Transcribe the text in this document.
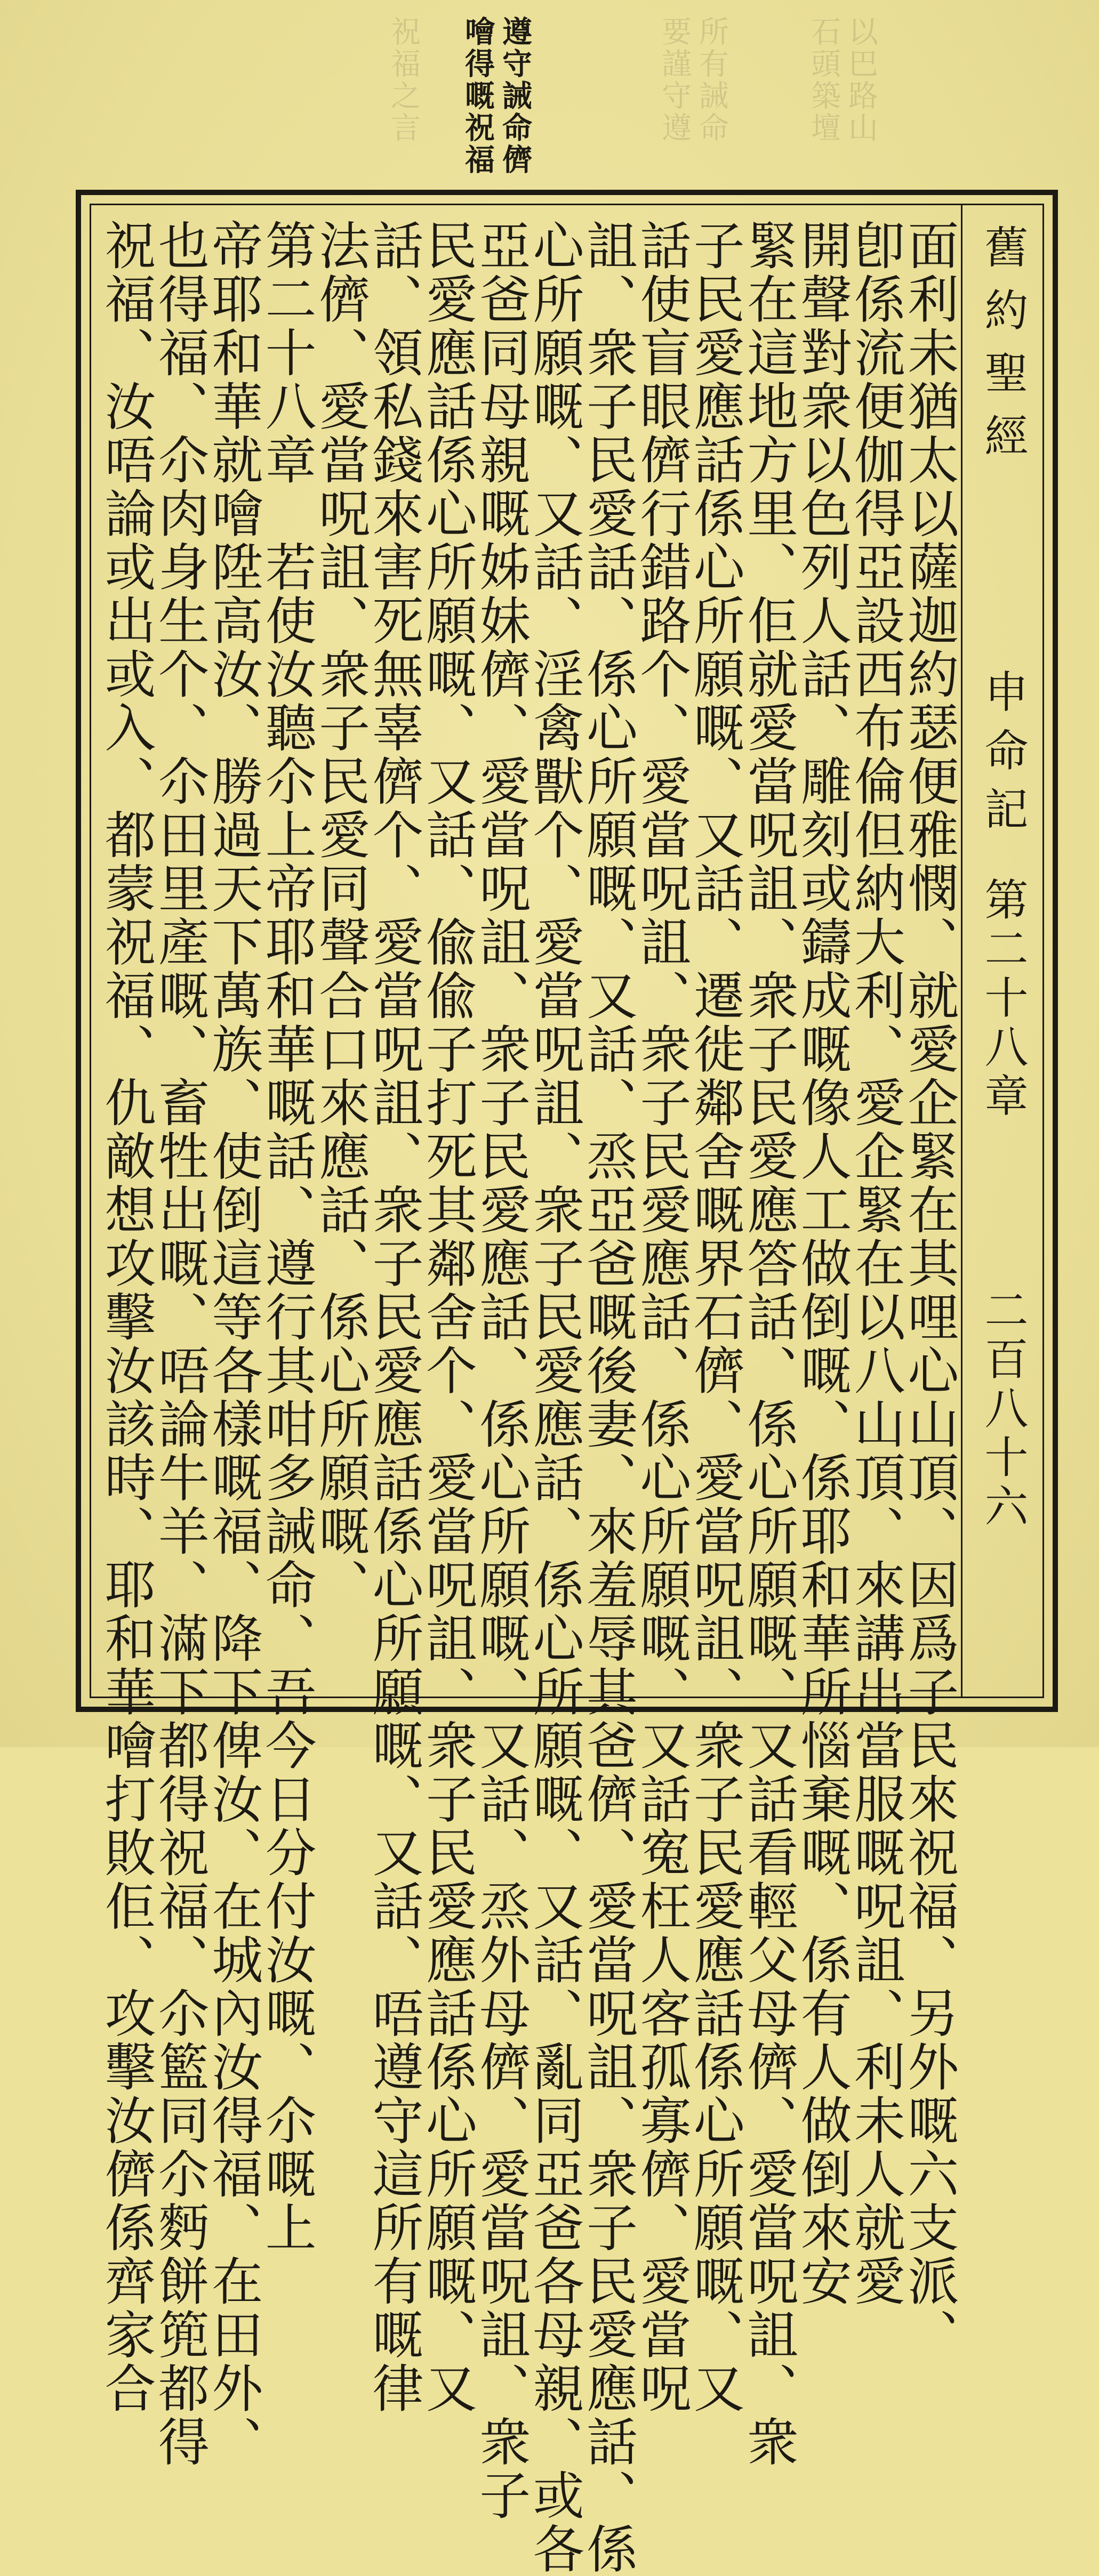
所有誡命
要謹守遵	以巴路山
石頭築壇
祝福之言	遵守誡命儕
噲得嘅祝福
舊約聖經
申命記
第二十八章
二百八十六
面利未猶太以薩迦約瑟便雅憫、就愛企緊在其哩心山頂、因爲子民來祝福、另外嘅六支派、
卽係流便伽得亞設西布倫但納大利、愛企緊在以八山頂、來講出當服嘅呪詛、利未人就愛
開聲對衆以色列人話、雕刻或鑄成嘅像人工做倒嘅、係耶和華所惱棄嘅、係有人做倒來安
緊在這地方里、佢就愛當呪詛、衆子民愛應答話、係心所願嘅、又話看輕父母儕、愛當呪詛、衆
子民愛應話係心所願嘅、又話、遷徙鄰舍嘅界石儕、愛當呪詛、衆子民愛應話係心所願嘅、又
話使盲眼儕行錯路个、愛當呪詛、衆子民愛應話、係心所願嘅、又話寃枉人客孤寡儕、愛當呪
詛、衆子民愛話、係心所願嘅、又話、烝亞爸嘅後妻、來羞辱其爸儕、愛當呪詛、衆子民愛應話、係
心所願嘅、又話、淫禽獸个、愛當呪詛、衆子民愛應話、係心所願嘅、又話、亂同亞爸各母親、或各
亞爸同母親嘅姊妹儕、愛當呪詛、衆子民愛應話、係心所願嘅、又話、烝外母儕、愛當呪詛、衆子
民愛應話係心所願嘅、又話、偸偸子打死其鄰舍个、愛當呪詛、衆子民愛應話係心所願嘅、又
話、領私錢來害死無辜儕个、愛當呪詛、衆子民愛應話係心所願嘅、又話、唔遵守這所有嘅律
法儕、愛當呪詛、衆子民愛同聲合口來應話、係心所願嘅、
第二十八章　若使汝聽尒上帝耶和華嘅話、遵行其咁多誡命、吾今日分付汝嘅、尒嘅上
帝耶和華就噲陞高汝、勝過天下萬族、使倒這等各樣嘅福、降下俾汝、在城內汝得福、在田外、
也得福、尒肉身生个、尒田里產嘅、畜牲出嘅、唔論牛羊、滿下都得祝福、尒籃同尒麪餅篼都得
祝福、汝唔論或出或入、都蒙祝福、仇敵想攻擊汝該時、耶和華噲打敗佢、攻擊汝儕係齊家合
